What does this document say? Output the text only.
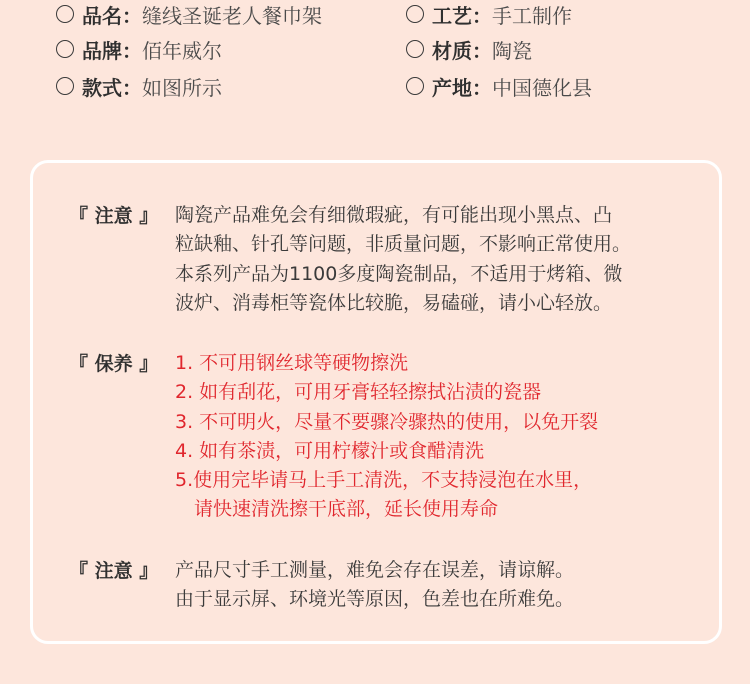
品名： 缝线圣诞老人餐巾架	工艺： 手工制作
品牌： 佰年威尔	材质： 陶瓷
款式： 如图所示	产地： 中国德化县
『 注意 』 陶瓷产品难免会有细微瑕疵，有可能出现小黑点、凸
粒缺釉、针孔等问题，非质量问题，不影响正常使用。
本系列产品为1100多度陶瓷制品，不适用于烤箱、微
波炉、消毒柜等瓷体比较脆，易磕碰，请小心轻放。
『 保养 』 1. 不可用钢丝球等硬物擦洗
2. 如有刮花，可用牙膏轻轻擦拭沾渍的瓷器
3. 不可明火，尽量不要骤冷骤热的使用，以免开裂
4. 如有茶渍，可用柠檬汁或食醋清洗
5.使用完毕请马上手工清洗，不支持浸泡在水里，
请快速清洗擦干底部，延长使用寿命
『 注意 』 产品尺寸手工测量，难免会存在误差，请谅解。
由于显示屏、环境光等原因，色差也在所难免。
